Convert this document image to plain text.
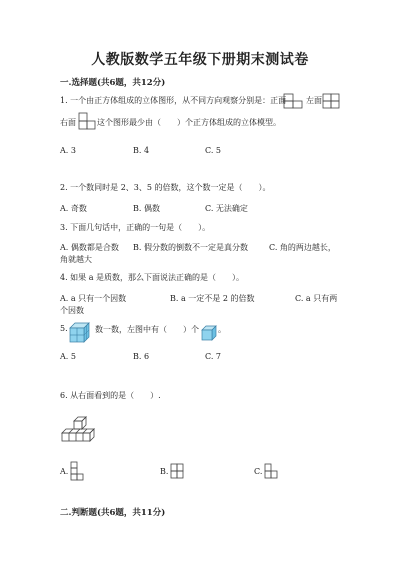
人教版数学五年级下册期末测试卷
一.选择题(共6题，共12分)
1. 一个由正方体组成的立体图形，从不同方向观察分别是：正面 左面
右面	这个图形最少由（　　）个正方体组成的立体模型。
A. 3	B. 4	C. 5
2. 一个数同时是 2、3、5 的倍数，这个数一定是（　　）。
A. 奇数	B. 偶数	C. 无法确定
3. 下面几句话中，正确的一句是（　　）。
A. 偶数都是合数 B. 假分数的倒数不一定是真分数	C. 角的两边越长，
角就越大
4. 如果 a 是质数，那么下面说法正确的是（　　）。
A. a 只有一个因数	B. a 一定不是 2 的倍数	C. a 只有两
个因数
5.	数一数，左图中有（　　）个 。
A. 5	B. 6	C. 7
6. 从右面看到的是（　　）.
A.	B.	C.
二.判断题(共6题，共11分)
